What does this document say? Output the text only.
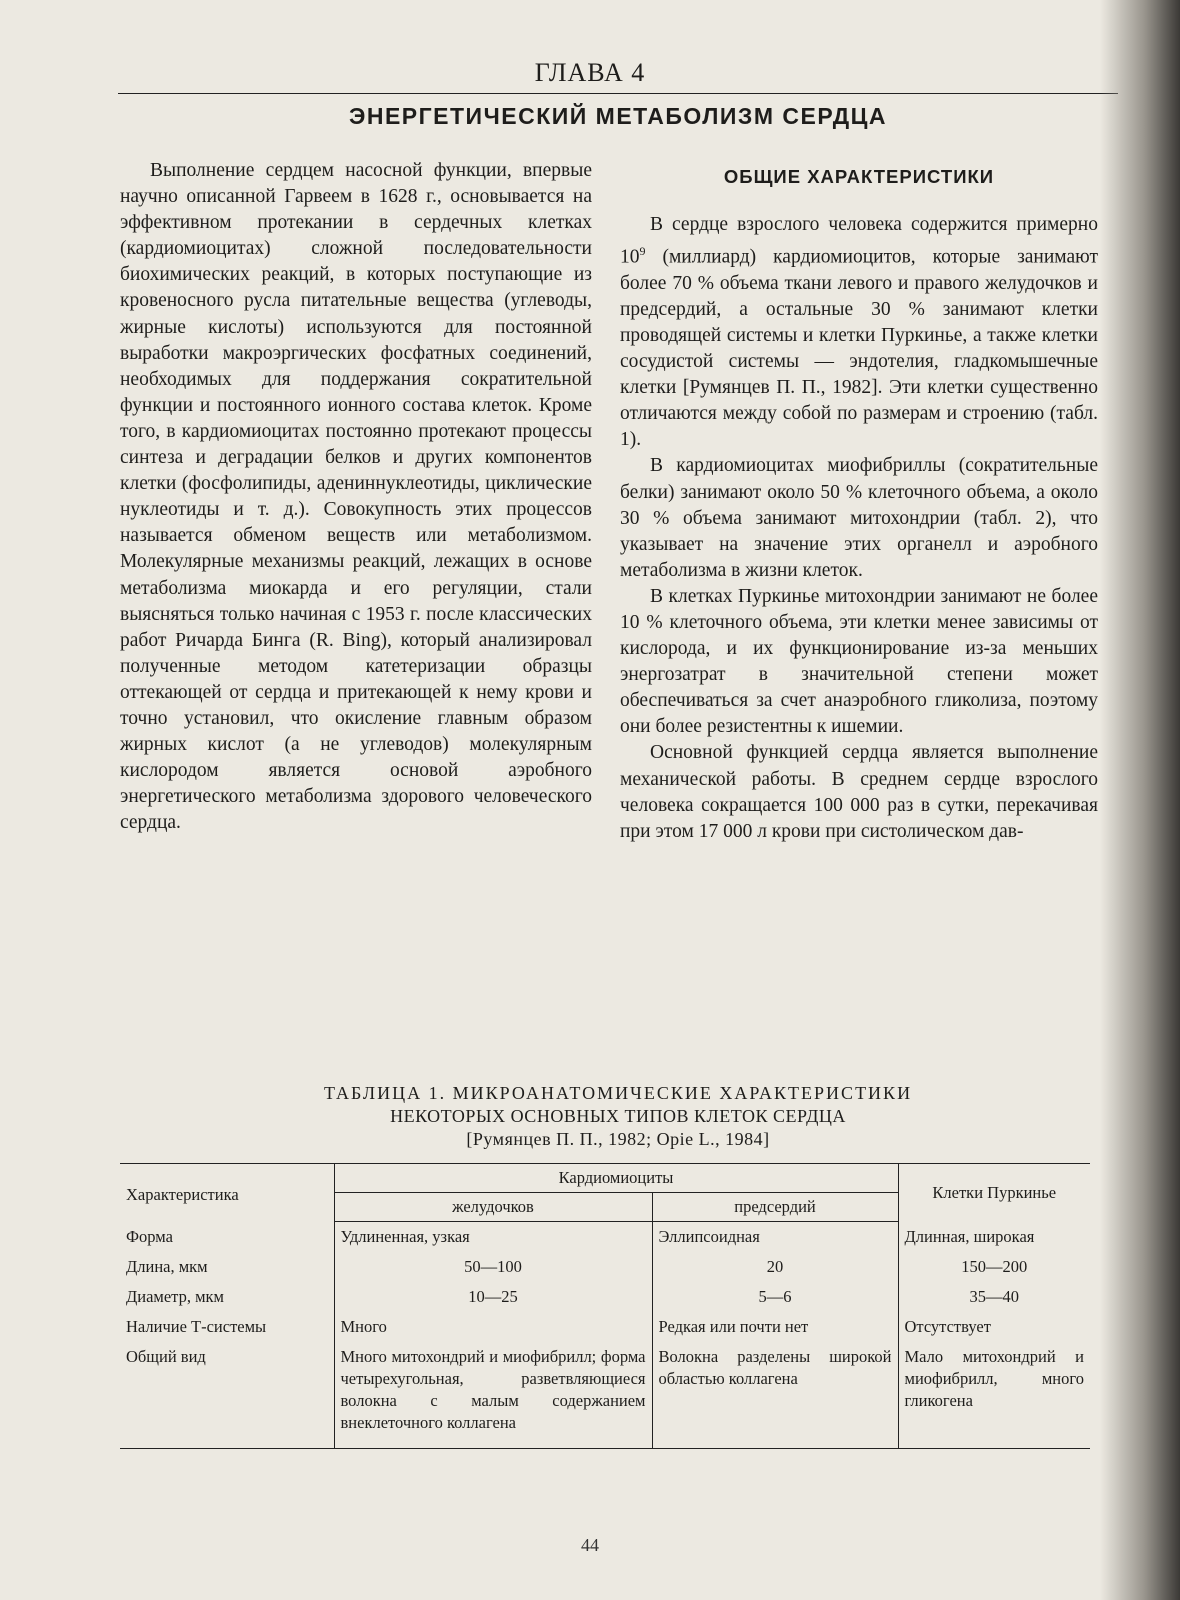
ГЛАВА 4
ЭНЕРГЕТИЧЕСКИЙ МЕТАБОЛИЗМ СЕРДЦА

Выполнение сердцем насосной функции, впервые научно описанной Гарвеем в 1628 г., основывается на эффективном протекании в сердечных клетках (кардиомиоцитах) сложной последовательности биохимических реакций, в которых поступающие из кровеносного русла питательные вещества (углеводы, жирные кислоты) используются для постоянной выработки макроэргических фосфатных соединений, необходимых для поддержания сократительной функции и постоянного ионного состава клеток. Кроме того, в кардиомиоцитах постоянно протекают процессы синтеза и деградации белков и других компонентов клетки (фосфолипиды, адениннуклеотиды, циклические нуклеотиды и т. д.). Совокупность этих процессов называется обменом веществ или метаболизмом. Молекулярные механизмы реакций, лежащих в основе метаболизма миокарда и его регуляции, стали выясняться только начиная с 1953 г. после классических работ Ричарда Бинга (R. Bing), который анализировал полученные методом катетеризации образцы оттекающей от сердца и притекающей к нему крови и точно установил, что окисление главным образом жирных кислот (а не углеводов) молекулярным кислородом является основой аэробного энергетического метаболизма здорового человеческого сердца.

ОБЩИЕ ХАРАКТЕРИСТИКИ

В сердце взрослого человека содержится примерно $10^9$ (миллиард) кардиомиоцитов, которые занимают более 70 % объема ткани левого и правого желудочков и предсердий, а остальные 30 % занимают клетки проводящей системы и клетки Пуркинье, а также клетки сосудистой системы — эндотелия, гладкомышечные клетки [Румянцев П. П., 1982]. Эти клетки существенно отличаются между собой по размерам и строению (табл. 1).

В кардиомиоцитах миофибриллы (сократительные белки) занимают около 50 % клеточного объема, а около 30 % объема занимают митохондрии (табл. 2), что указывает на значение этих органелл и аэробного метаболизма в жизни клеток.

В клетках Пуркинье митохондрии занимают не более 10 % клеточного объема, эти клетки менее зависимы от кислорода, и их функционирование из-за меньших энергозатрат в значительной степени может обеспечиваться за счет анаэробного гликолиза, поэтому они более резистентны к ишемии.

Основной функцией сердца является выполнение механической работы. В среднем сердце взрослого человека сокращается 100 000 раз в сутки, перекачивая при этом 17 000 л крови при систолическом дав-

ТАБЛИЦА 1. МИКРОАНАТОМИЧЕСКИЕ ХАРАКТЕРИСТИКИ
НЕКОТОРЫХ ОСНОВНЫХ ТИПОВ КЛЕТОК СЕРДЦА
[Румянцев П. П., 1982; Opie L., 1984]
Характеристика	Кардиомиоциты		Клетки Пуркинье
	желудочков	предсердий	
Форма	Удлиненная, узкая	Эллипсоидная	Длинная, широкая
Длина, мкм	50—100	20	150—200
Диаметр, мкм	10—25	5—6	35—40
Наличие Т-системы	Много	Редкая или почти нет	Отсутствует
Общий вид	Много митохондрий и миофибрилл; форма четырехугольная, разветвляющиеся волокна с малым содержанием внеклеточного коллагена	Волокна разделены широкой областью коллагена	Мало митохондрий и миофибрилл, много гликогена
44
